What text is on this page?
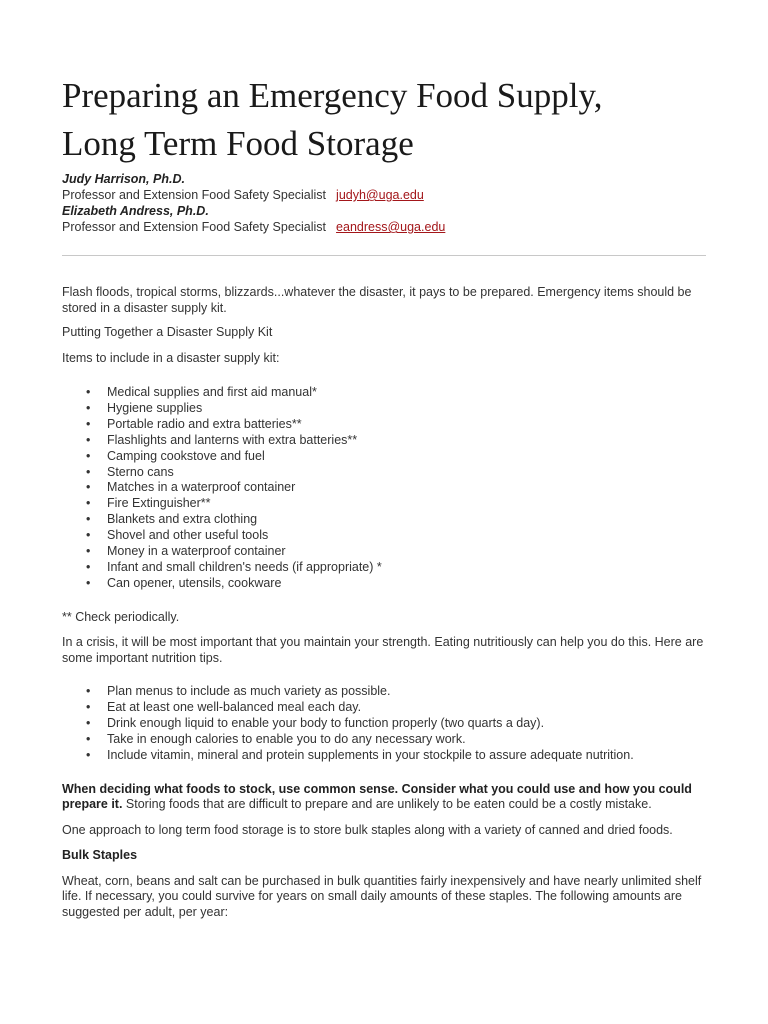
Preparing an Emergency Food Supply,
Long Term Food Storage
Judy Harrison, Ph.D.
Professor and Extension Food Safety Specialist judyh@uga.edu
Elizabeth Andress, Ph.D.
Professor and Extension Food Safety Specialist eandress@uga.edu

Flash floods, tropical storms, blizzards...whatever the disaster, it pays to be prepared. Emergency items should be stored in a disaster supply kit.

Putting Together a Disaster Supply Kit

Items to include in a disaster supply kit:

• Medical supplies and first aid manual*
• Hygiene supplies
• Portable radio and extra batteries**
• Flashlights and lanterns with extra batteries**
• Camping cookstove and fuel
• Sterno cans
• Matches in a waterproof container
• Fire Extinguisher**
• Blankets and extra clothing
• Shovel and other useful tools
• Money in a waterproof container
• Infant and small children's needs (if appropriate) *
• Can opener, utensils, cookware

** Check periodically.

In a crisis, it will be most important that you maintain your strength. Eating nutritiously can help you do this. Here are some important nutrition tips.

• Plan menus to include as much variety as possible.
• Eat at least one well-balanced meal each day.
• Drink enough liquid to enable your body to function properly (two quarts a day).
• Take in enough calories to enable you to do any necessary work.
• Include vitamin, mineral and protein supplements in your stockpile to assure adequate nutrition.

When deciding what foods to stock, use common sense. Consider what you could use and how you could prepare it. Storing foods that are difficult to prepare and are unlikely to be eaten could be a costly mistake.

One approach to long term food storage is to store bulk staples along with a variety of canned and dried foods.

Bulk Staples

Wheat, corn, beans and salt can be purchased in bulk quantities fairly inexpensively and have nearly unlimited shelf life. If necessary, you could survive for years on small daily amounts of these staples. The following amounts are suggested per adult, per year:
